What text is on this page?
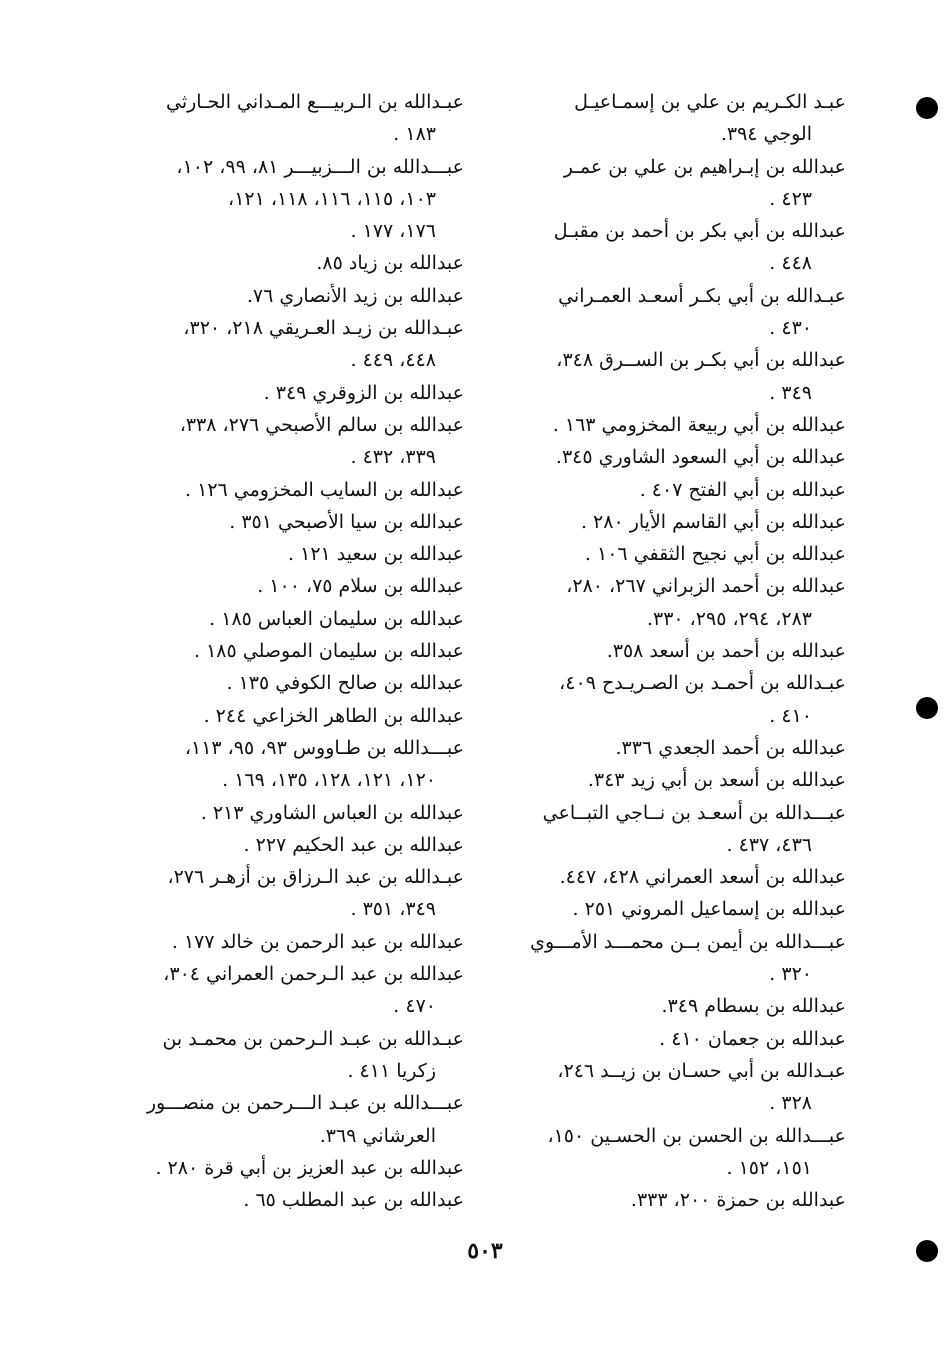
عبـد الكـريم بن علي بن إسمـاعيـل
الوجي ٣٩٤.

عبدالله بن إبـراهيم بن علي بن عمـر
٤٢٣ .

عبدالله بن أبي بكر بن أحمد بن مقبـل
٤٤٨ .

عبـدالله بن أبي بكـر أسعـد العمـراني
٤٣٠ .

عبدالله بن أبي بكـر بن الســرق ٣٤٨،
٣٤٩ .

عبدالله بن أبي ربيعة المخزومي ١٦٣ .

عبدالله بن أبي السعود الشاوري ٣٤٥.

عبدالله بن أبي الفتح ٤٠٧ .

عبدالله بن أبي القاسم الأيار ٢٨٠ .

عبدالله بن أبي نجيح الثقفي ١٠٦ .

عبدالله بن أحمد الزبراني ٢٦٧، ٢٨٠،
٢٨٣، ٢٩٤، ٢٩٥، ٣٣٠.

عبدالله بن أحمد بن أسعد ٣٥٨.

عبـدالله بن أحمـد بن الصـريـدح ٤٠٩،
٤١٠ .

عبدالله بن أحمد الجعدي ٣٣٦.

عبدالله بن أسعد بن أبي زيد ٣٤٣.

عبـــدالله بن أسعـد بن نــاجي التبــاعي
٤٣٦، ٤٣٧ .

عبدالله بن أسعد العمراني ٤٢٨، ٤٤٧.

عبدالله بن إسماعيل المروني ٢٥١ .

عبـــدالله بن أيمن بــن محمـــد الأمـــوي
٣٢٠ .

عبدالله بن بسطام ٣٤٩.

عبدالله بن جعمان ٤١٠ .

عبـدالله بن أبي حسـان بن زيــد ٢٤٦،
٣٢٨ .

عبـــدالله بن الحسن بن الحسـين ١٥٠،
١٥١، ١٥٢ .

عبدالله بن حمزة ٢٠٠، ٣٣٣.

عبـدالله بن الـربيـــع المـداني الحـارثي
١٨٣ .

عبـــدالله بن الـــزبيـــر ٨١، ٩٩، ١٠٢،
١٠٣، ١١٥، ١١٦، ١١٨، ١٢١،
١٧٦، ١٧٧ .

عبدالله بن زياد ٨٥.

عبدالله بن زيد الأنصاري ٧٦.

عبـدالله بن زيـد العـريقي ٢١٨، ٣٢٠،
٤٤٨، ٤٤٩ .

عبدالله بن الزوقري ٣٤٩ .

عبدالله بن سالم الأصبحي ٢٧٦، ٣٣٨،
٣٣٩، ٤٣٢ .

عبدالله بن السايب المخزومي ١٢٦ .

عبدالله بن سيا الأصبحي ٣٥١ .

عبدالله بن سعيد ١٢١ .

عبدالله بن سلام ٧٥، ١٠٠ .

عبدالله بن سليمان العباس ١٨٥ .

عبدالله بن سليمان الموصلي ١٨٥ .

عبدالله بن صالح الكوفي ١٣٥ .

عبدالله بن الطاهر الخزاعي ٢٤٤ .

عبـــدالله بن طـاووس ٩٣، ٩٥، ١١٣،
١٢٠، ١٢١، ١٢٨، ١٣٥، ١٦٩ .

عبدالله بن العباس الشاوري ٢١٣ .

عبدالله بن عبد الحكيم ٢٢٧ .

عبـدالله بن عبد الـرزاق بن أزهـر ٢٧٦،
٣٤٩، ٣٥١ .

عبدالله بن عبد الرحمن بن خالد ١٧٧ .

عبدالله بن عبد الـرحمن العمراني ٣٠٤،
٤٧٠ .

عبـدالله بن عبـد الـرحمن بن محمـد بن
زكريا ٤١١ .

عبـــدالله بن عبـد الـــرحمن بن منصـــور
العرشاني ٣٦٩.

عبدالله بن عبد العزيز بن أبي قرة ٢٨٠ .

عبدالله بن عبد المطلب ٦٥ .

٥٠٣
